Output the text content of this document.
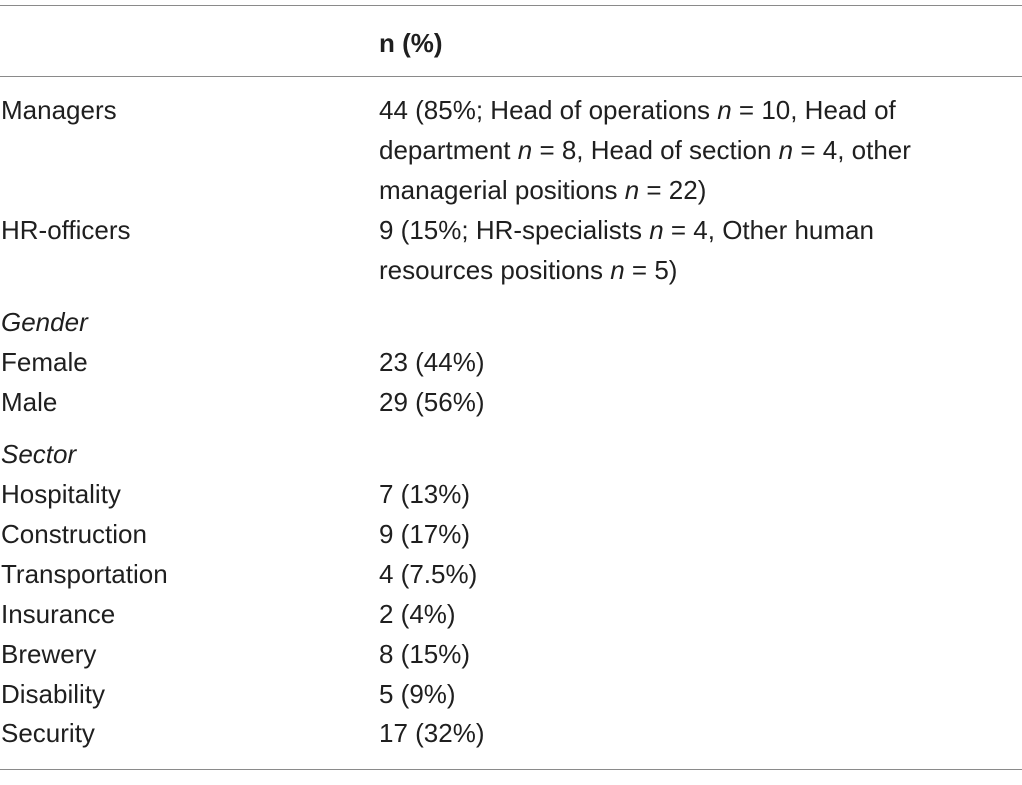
n (%)
Managers	44 (85%; Head of operations n = 10, Head of
department n = 8, Head of section n = 4, other
managerial positions n = 22)
HR-officers	9 (15%; HR-specialists n = 4, Other human
resources positions n = 5)
Gender
Female	23 (44%)
Male	29 (56%)
Sector
Hospitality	7 (13%)
Construction	9 (17%)
Transportation	4 (7.5%)
Insurance	2 (4%)
Brewery	8 (15%)
Disability	5 (9%)
Security	17 (32%)
